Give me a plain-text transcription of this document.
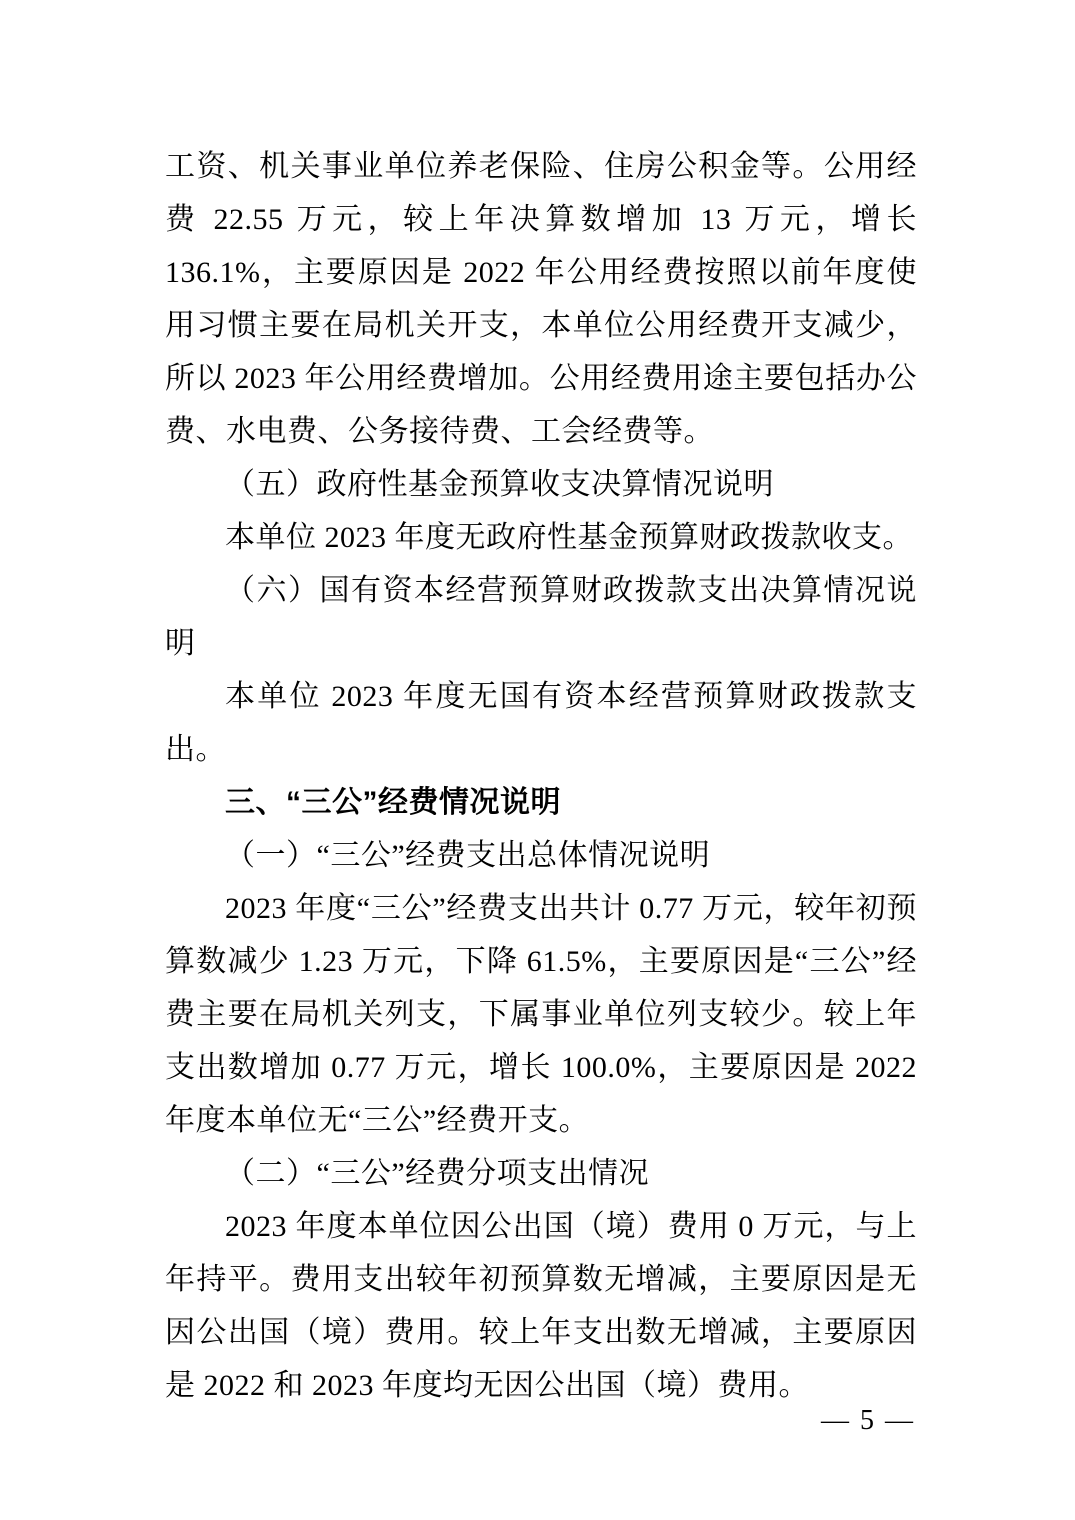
工资、机关事业单位养老保险、住房公积金等。公用经费 22.55 万元，较上年决算数增加 13 万元，增长 136.1%，主要原因是 2022 年公用经费按照以前年度使用习惯主要在局机关开支，本单位公用经费开支减少，所以 2023 年公用经费增加。公用经费用途主要包括办公费、水电费、公务接待费、工会经费等。

（五）政府性基金预算收支决算情况说明

本单位 2023 年度无政府性基金预算财政拨款收支。

（六）国有资本经营预算财政拨款支出决算情况说明

本单位 2023 年度无国有资本经营预算财政拨款支出。

三、“三公”经费情况说明

（一）“三公”经费支出总体情况说明

2023 年度“三公”经费支出共计 0.77 万元，较年初预算数减少 1.23 万元，下降 61.5%，主要原因是“三公”经费主要在局机关列支，下属事业单位列支较少。较上年支出数增加 0.77 万元，增长 100.0%，主要原因是 2022 年度本单位无“三公”经费开支。

（二）“三公”经费分项支出情况

2023 年度本单位因公出国（境）费用 0 万元，与上年持平。费用支出较年初预算数无增减，主要原因是无因公出国（境）费用。较上年支出数无增减，主要原因是 2022 和 2023 年度均无因公出国（境）费用。

— 5 —
